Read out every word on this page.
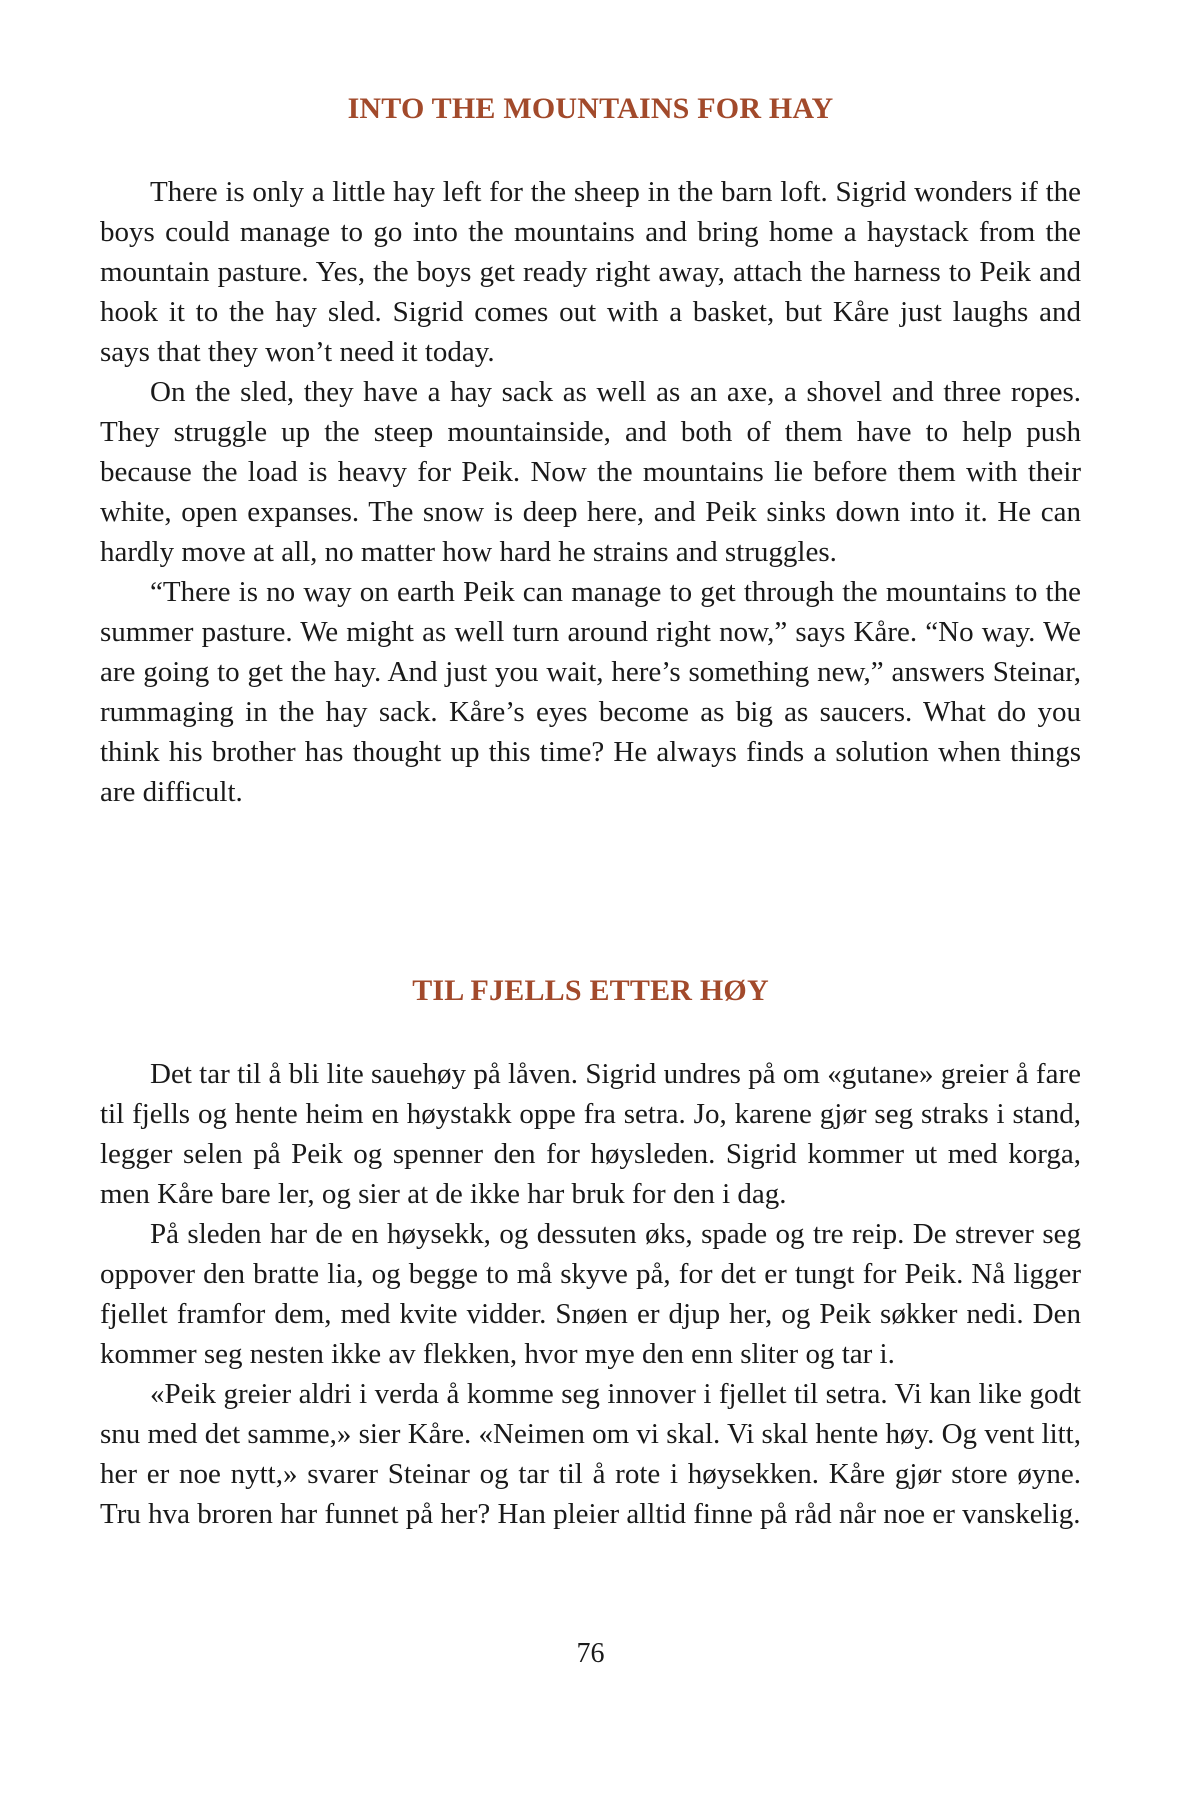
INTO THE MOUNTAINS FOR HAY

There is only a little hay left for the sheep in the barn loft. Sigrid wonders if the boys could manage to go into the mountains and bring home a haystack from the mountain pasture. Yes, the boys get ready right away, attach the harness to Peik and hook it to the hay sled. Sigrid comes out with a basket, but Kåre just laughs and says that they won’t need it today.

On the sled, they have a hay sack as well as an axe, a shovel and three ropes. They struggle up the steep mountainside, and both of them have to help push because the load is heavy for Peik. Now the mountains lie before them with their white, open expanses. The snow is deep here, and Peik sinks down into it. He can hardly move at all, no matter how hard he strains and struggles.

“There is no way on earth Peik can manage to get through the mountains to the summer pasture. We might as well turn around right now,” says Kåre. “No way. We are going to get the hay. And just you wait, here’s something new,” answers Steinar, rummaging in the hay sack. Kåre’s eyes become as big as saucers. What do you think his brother has thought up this time? He always finds a solution when things are difficult.

TIL FJELLS ETTER HØY

Det tar til å bli lite sauehøy på låven. Sigrid undres på om «gutane» greier å fare til fjells og hente heim en høystakk oppe fra setra. Jo, karene gjør seg straks i stand, legger selen på Peik og spenner den for høysleden. Sigrid kommer ut med korga, men Kåre bare ler, og sier at de ikke har bruk for den i dag.

På sleden har de en høysekk, og dessuten øks, spade og tre reip. De strever seg oppover den bratte lia, og begge to må skyve på, for det er tungt for Peik. Nå ligger fjellet framfor dem, med kvite vidder. Snøen er djup her, og Peik søkker nedi. Den kommer seg nesten ikke av flekken, hvor mye den enn sliter og tar i.

«Peik greier aldri i verda å komme seg innover i fjellet til setra. Vi kan like godt snu med det samme,» sier Kåre. «Neimen om vi skal. Vi skal hente høy. Og vent litt, her er noe nytt,» svarer Steinar og tar til å rote i høysekken. Kåre gjør store øyne. Tru hva broren har funnet på her? Han pleier alltid finne på råd når noe er vanskelig.

76
